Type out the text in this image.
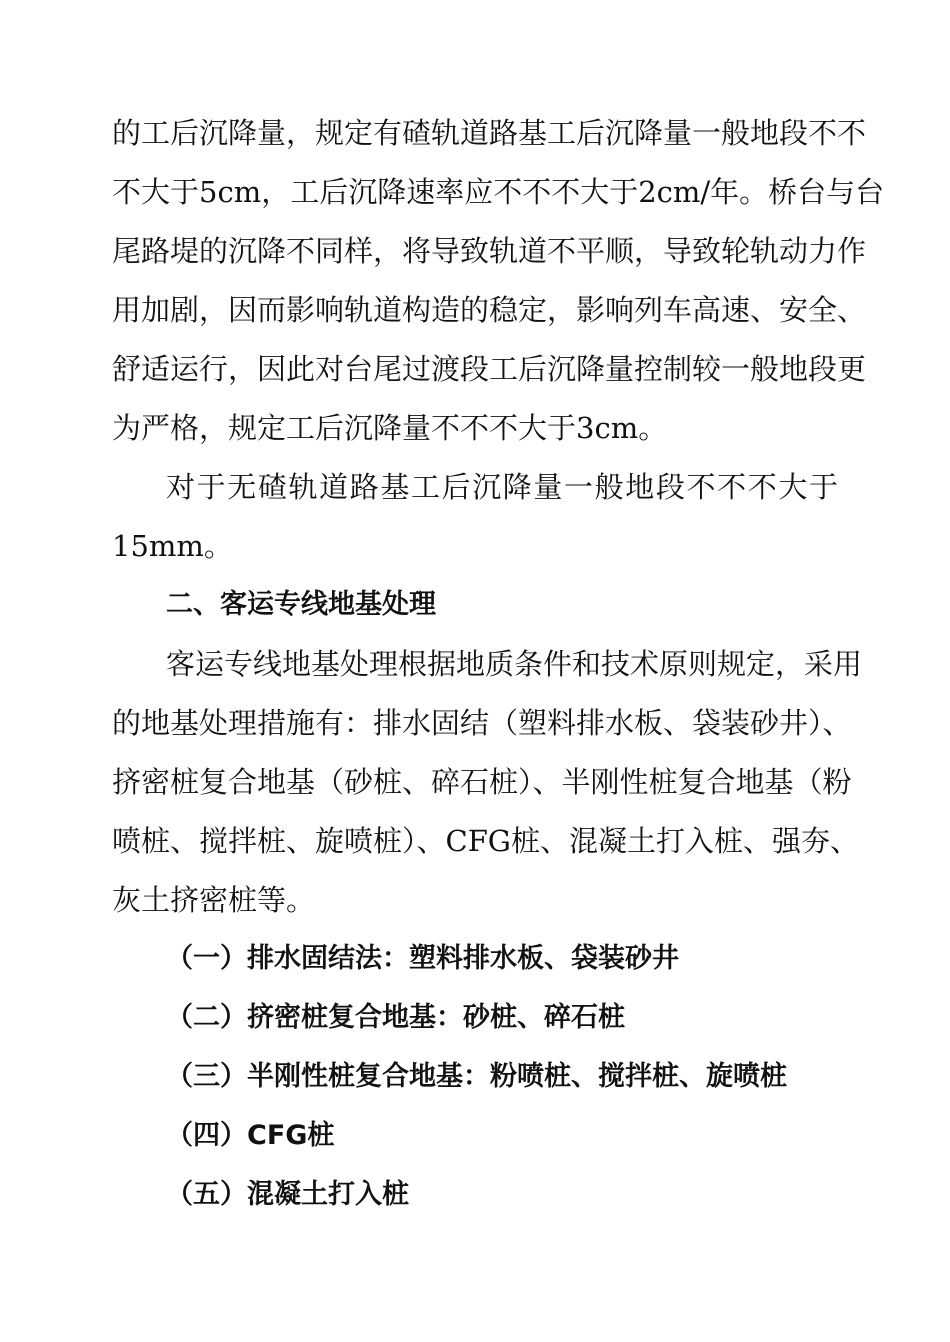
的工后沉降量，规定有碴轨道路基工后沉降量一般地段不不
不大于5cm，工后沉降速率应不不不大于2cm/年。桥台与台
尾路堤的沉降不同样，将导致轨道不平顺，导致轮轨动力作
用加剧，因而影响轨道构造的稳定，影响列车高速、安全、
舒适运行，因此对台尾过渡段工后沉降量控制较一般地段更
为严格，规定工后沉降量不不不大于3cm。
对于无碴轨道路基工后沉降量一般地段不不不大于
15mm。
二、客运专线地基处理
客运专线地基处理根据地质条件和技术原则规定，采用
的地基处理措施有：排水固结（塑料排水板、袋装砂井）、
挤密桩复合地基（砂桩、碎石桩）、半刚性桩复合地基（粉
喷桩、搅拌桩、旋喷桩）、CFG桩、混凝土打入桩、强夯、
灰土挤密桩等。
（一）排水固结法：塑料排水板、袋装砂井
（二）挤密桩复合地基：砂桩、碎石桩
（三）半刚性桩复合地基：粉喷桩、搅拌桩、旋喷桩
（四）CFG桩
（五）混凝土打入桩
